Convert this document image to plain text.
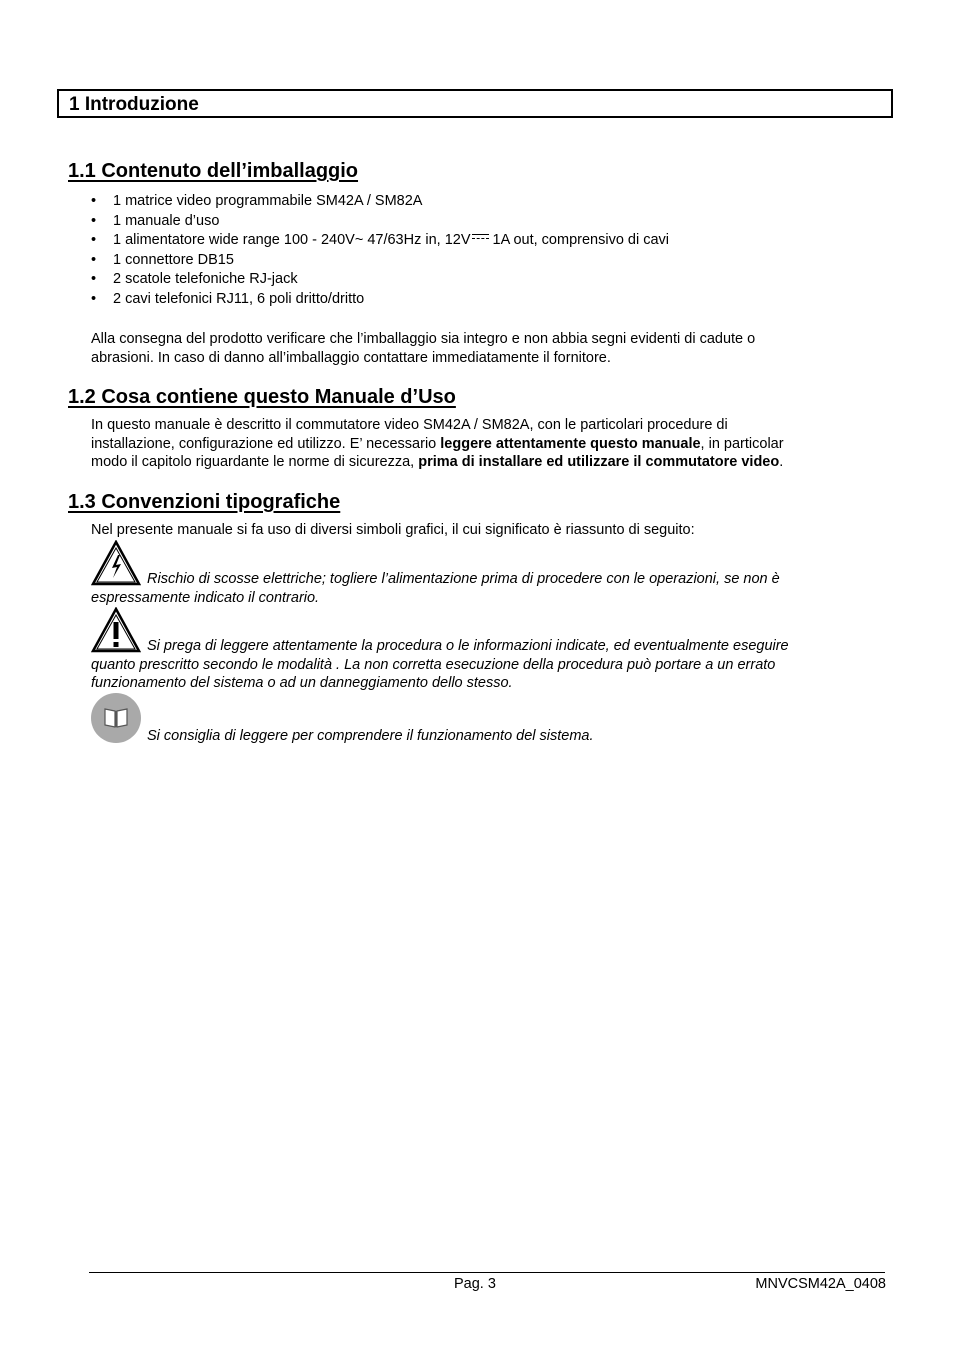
1 Introduzione
1.1 Contenuto dell’imballaggio
• 1 matrice video programmabile SM42A / SM82A
• 1 manuale d’uso
• 1 alimentatore wide range 100 - 240V~ 47/63Hz in, 12V 1A out, comprensivo di cavi
• 1 connettore DB15
• 2 scatole telefoniche RJ-jack
• 2 cavi telefonici RJ11, 6 poli dritto/dritto
Alla consegna del prodotto verificare che l’imballaggio sia integro e non abbia segni evidenti di cadute o
abrasioni. In caso di danno all’imballaggio contattare immediatamente il fornitore.
1.2 Cosa contiene questo Manuale d’Uso
In questo manuale è descritto il commutatore video SM42A / SM82A, con le particolari procedure di
installazione, configurazione ed utilizzo. E’ necessario leggere attentamente questo manuale, in particolar
modo il capitolo riguardante le norme di sicurezza, prima di installare ed utilizzare il commutatore video.
1.3 Convenzioni tipografiche
Nel presente manuale si fa uso di diversi simboli grafici, il cui significato è riassunto di seguito:
Rischio di scosse elettriche; togliere l’alimentazione prima di procedere con le operazioni, se non è
espressamente indicato il contrario.
Si prega di leggere attentamente la procedura o le informazioni indicate, ed eventualmente eseguire
quanto prescritto secondo le modalità . La non corretta esecuzione della procedura può portare a un errato
funzionamento del sistema o ad un danneggiamento dello stesso.
Si consiglia di leggere per comprendere il funzionamento del sistema.
Pag. 3	MNVCSM42A_0408
